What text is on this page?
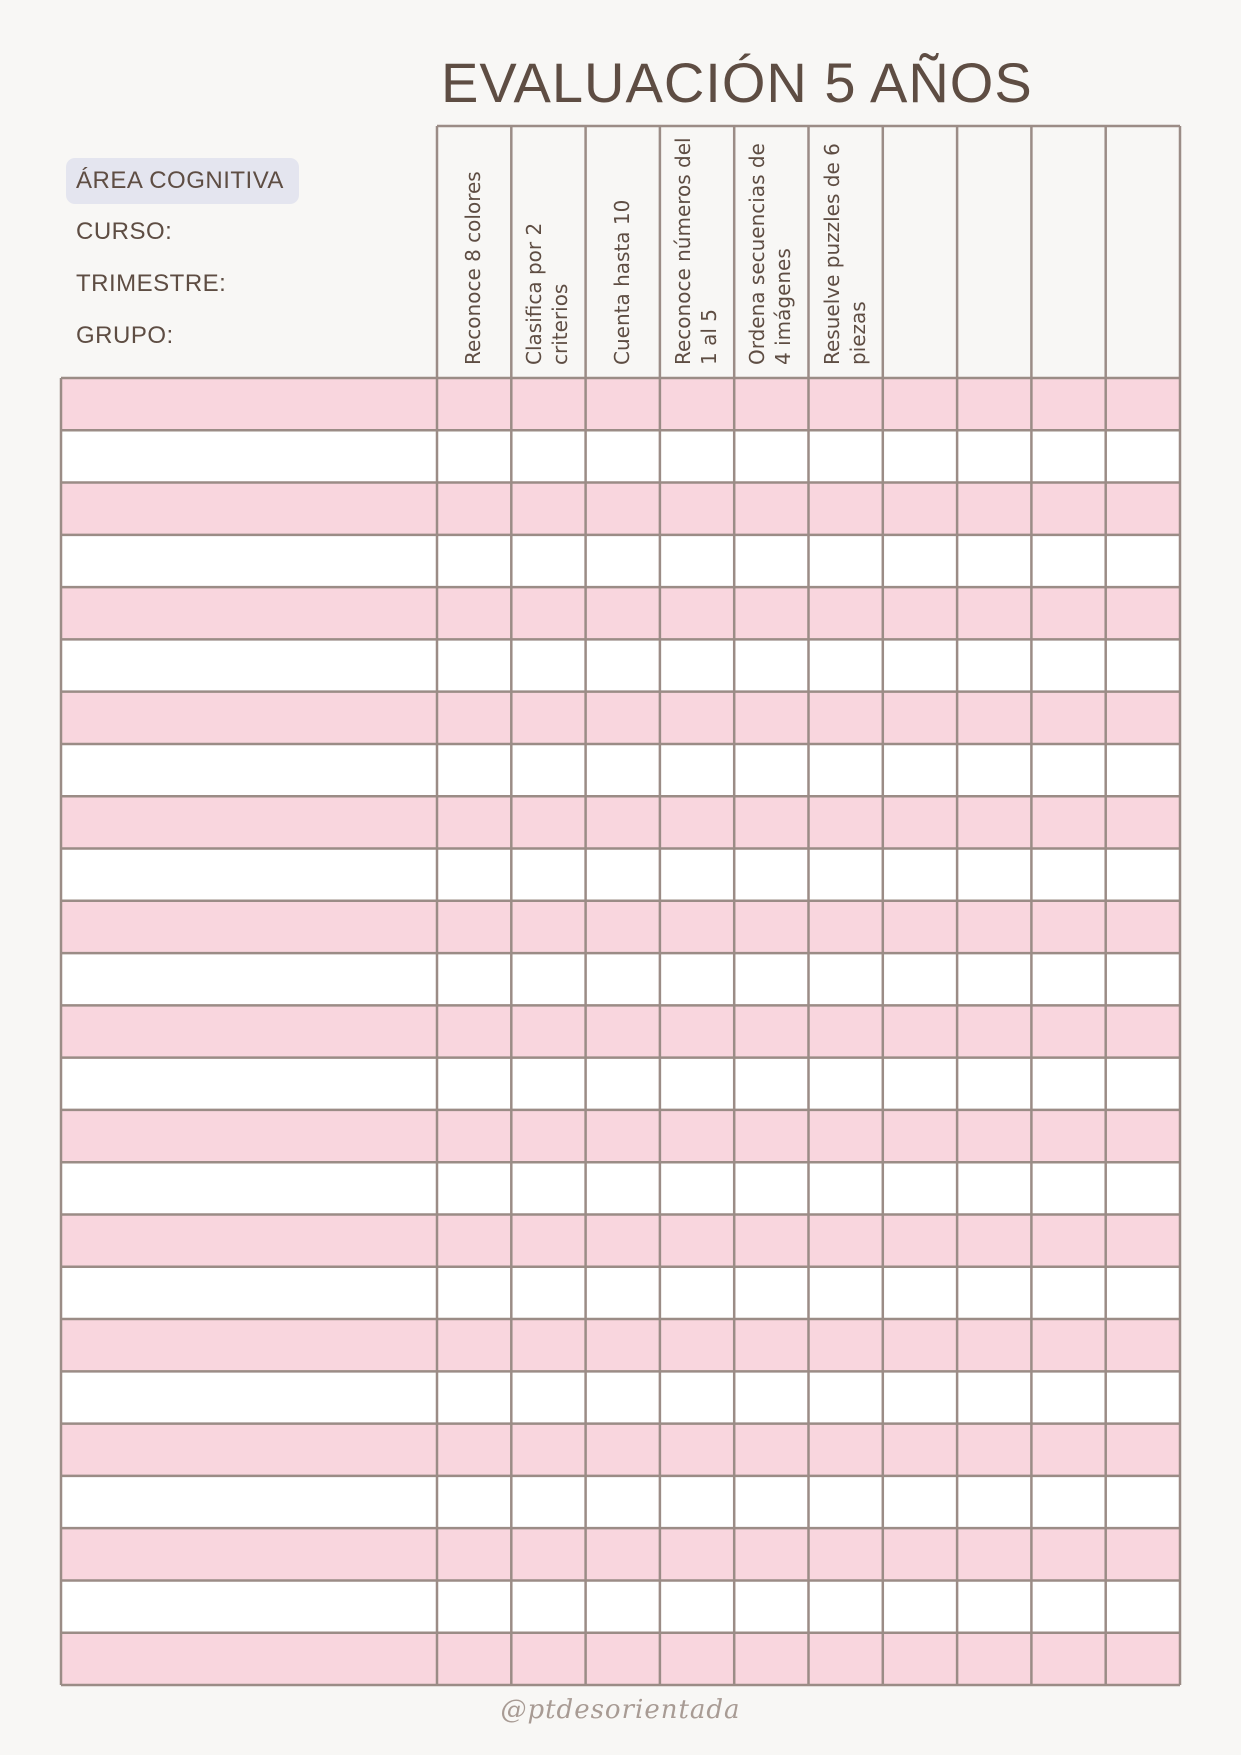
EVALUACIÓN 5 AÑOS
ÁREA COGNITIVA
CURSO:
TRIMESTRE:
GRUPO:	Reconoce 8 colores Clasifica por 2 criterios Cuenta hasta 10 Reconoce números del 1 al 5 Ordena secuencias de 4 imágenes Resuelve puzzles de 6 piezas
@ptdesorientada
